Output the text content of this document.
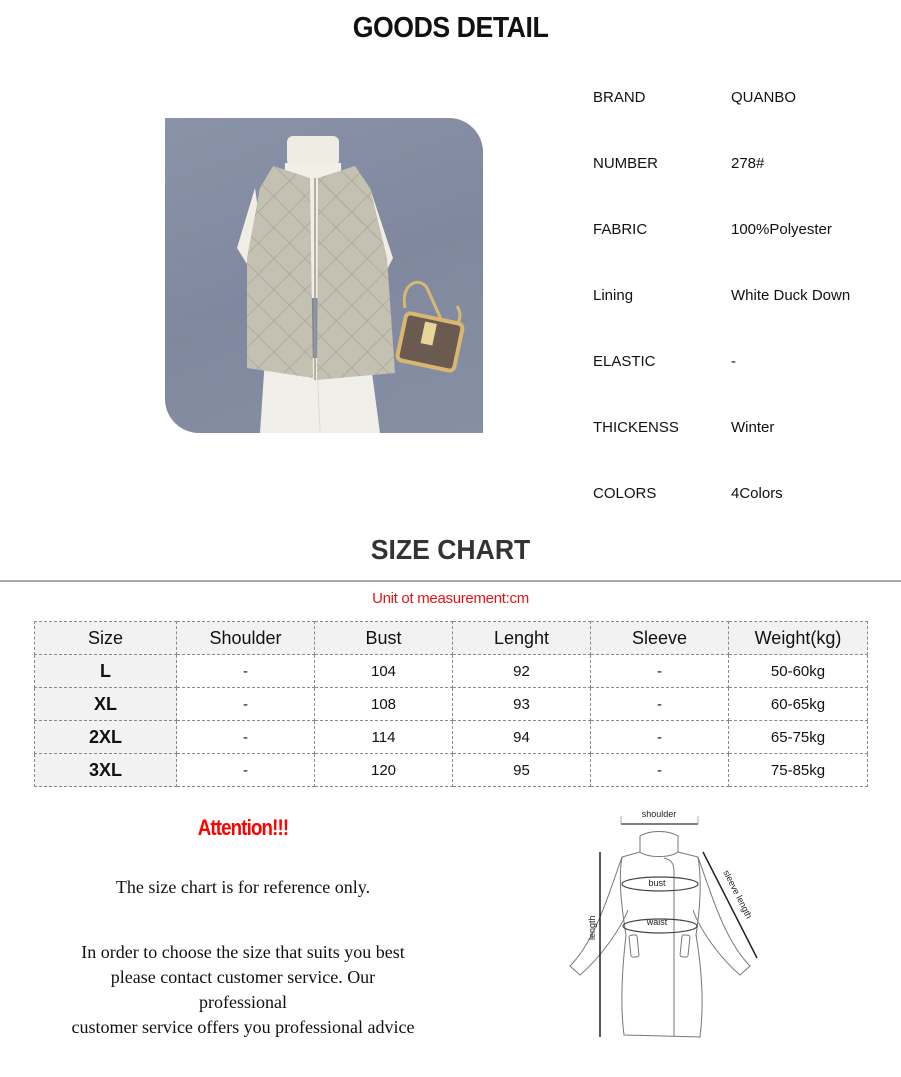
GOODS DETAIL
BRAND	QUANBO
NUMBER	278#
FABRIC	100%Polyester
Lining	White Duck Down
ELASTIC	-
THICKENSS	Winter
COLORS	4Colors
SIZE CHART
Unit ot measurement:cm
Size	Shoulder	Bust	Lenght	Sleeve	Weight(kg)
L	-	104	92	-	50-60kg
XL	-	108	93	-	60-65kg
2XL	-	114	94	-	65-75kg
3XL	-	120	95	-	75-85kg
Attention!!!
The size chart is for reference only.
In order to choose the size that suits you best
please contact customer service. Our
professional
customer service offers you professional advice
shoulder
bust
waist
length
sleeve length
